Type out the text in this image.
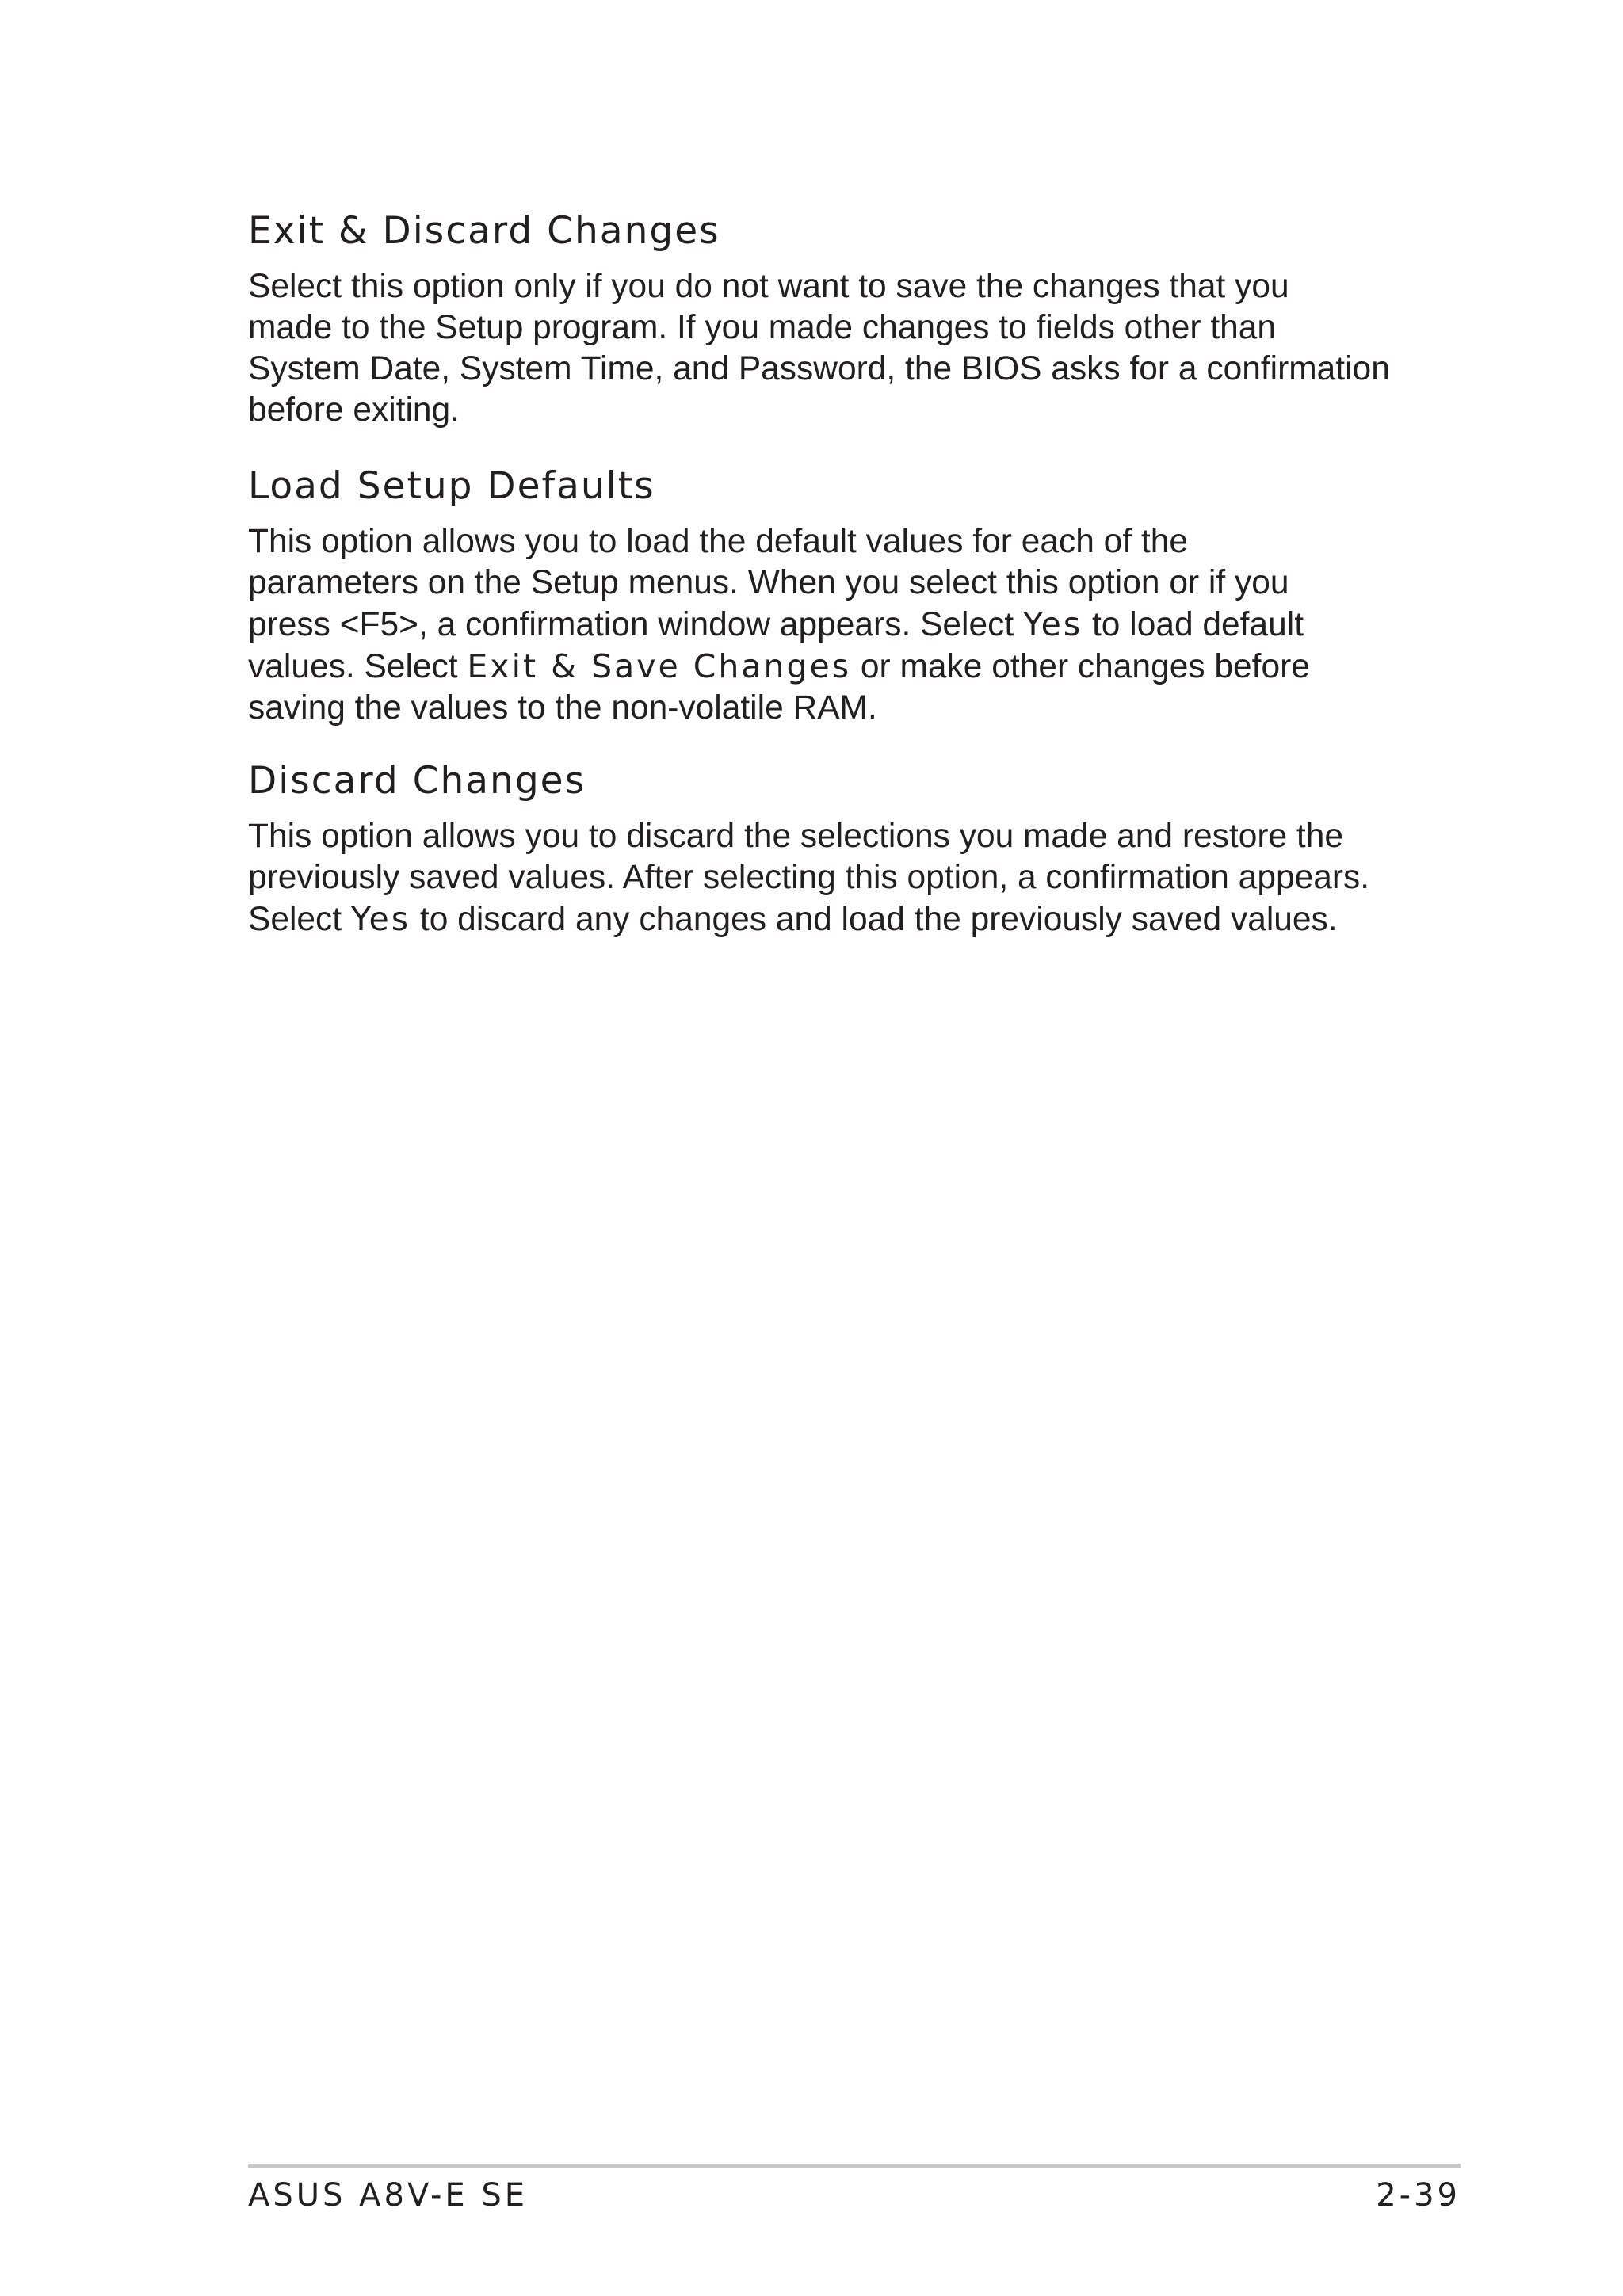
Exit & Discard Changes

Select this option only if you do not want to save the changes that you
made to the Setup program. If you made changes to fields other than
System Date, System Time, and Password, the BIOS asks for a confirmation
before exiting.

Load Setup Defaults

This option allows you to load the default values for each of the
parameters on the Setup menus. When you select this option or if you
press <F5>, a confirmation window appears. Select Yes to load default
values. Select Exit & Save Changes or make other changes before
saving the values to the non-volatile RAM.

Discard Changes

This option allows you to discard the selections you made and restore the
previously saved values. After selecting this option, a confirmation appears.
Select Yes to discard any changes and load the previously saved values.

ASUS A8V-E SE	2-39
